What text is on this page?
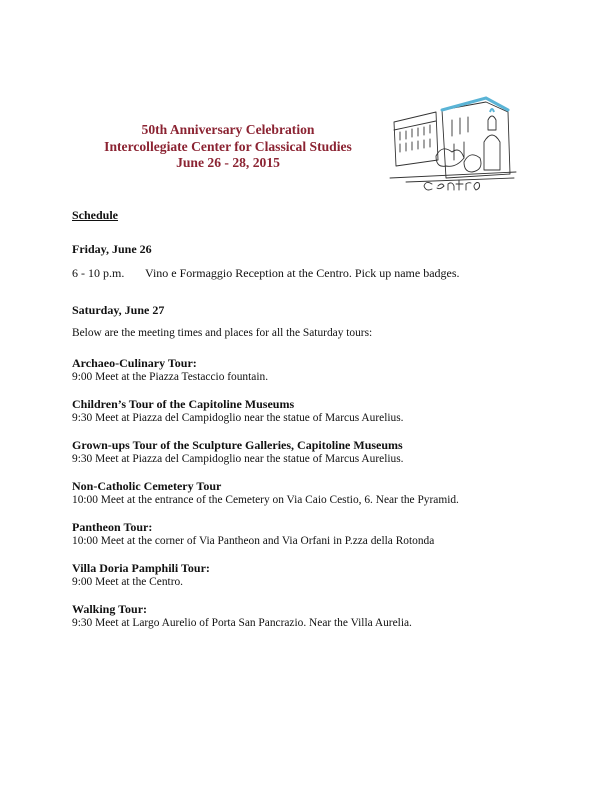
50th Anniversary Celebration
Intercollegiate Center for Classical Studies
June 26 - 28, 2015
Schedule
Friday, June 26
6 - 10 p.m. Vino e Formaggio Reception at the Centro. Pick up name badges.
Saturday, June 27
Below are the meeting times and places for all the Saturday tours:
Archaeo-Culinary Tour:
9:00 Meet at the Piazza Testaccio fountain.
Children’s Tour of the Capitoline Museums
9:30 Meet at Piazza del Campidoglio near the statue of Marcus Aurelius.
Grown-ups Tour of the Sculpture Galleries, Capitoline Museums
9:30 Meet at Piazza del Campidoglio near the statue of Marcus Aurelius.
Non-Catholic Cemetery Tour
10:00 Meet at the entrance of the Cemetery on Via Caio Cestio, 6. Near the Pyramid.
Pantheon Tour:
10:00 Meet at the corner of Via Pantheon and Via Orfani in P.zza della Rotonda
Villa Doria Pamphili Tour:
9:00 Meet at the Centro.
Walking Tour:
9:30 Meet at Largo Aurelio of Porta San Pancrazio. Near the Villa Aurelia.
